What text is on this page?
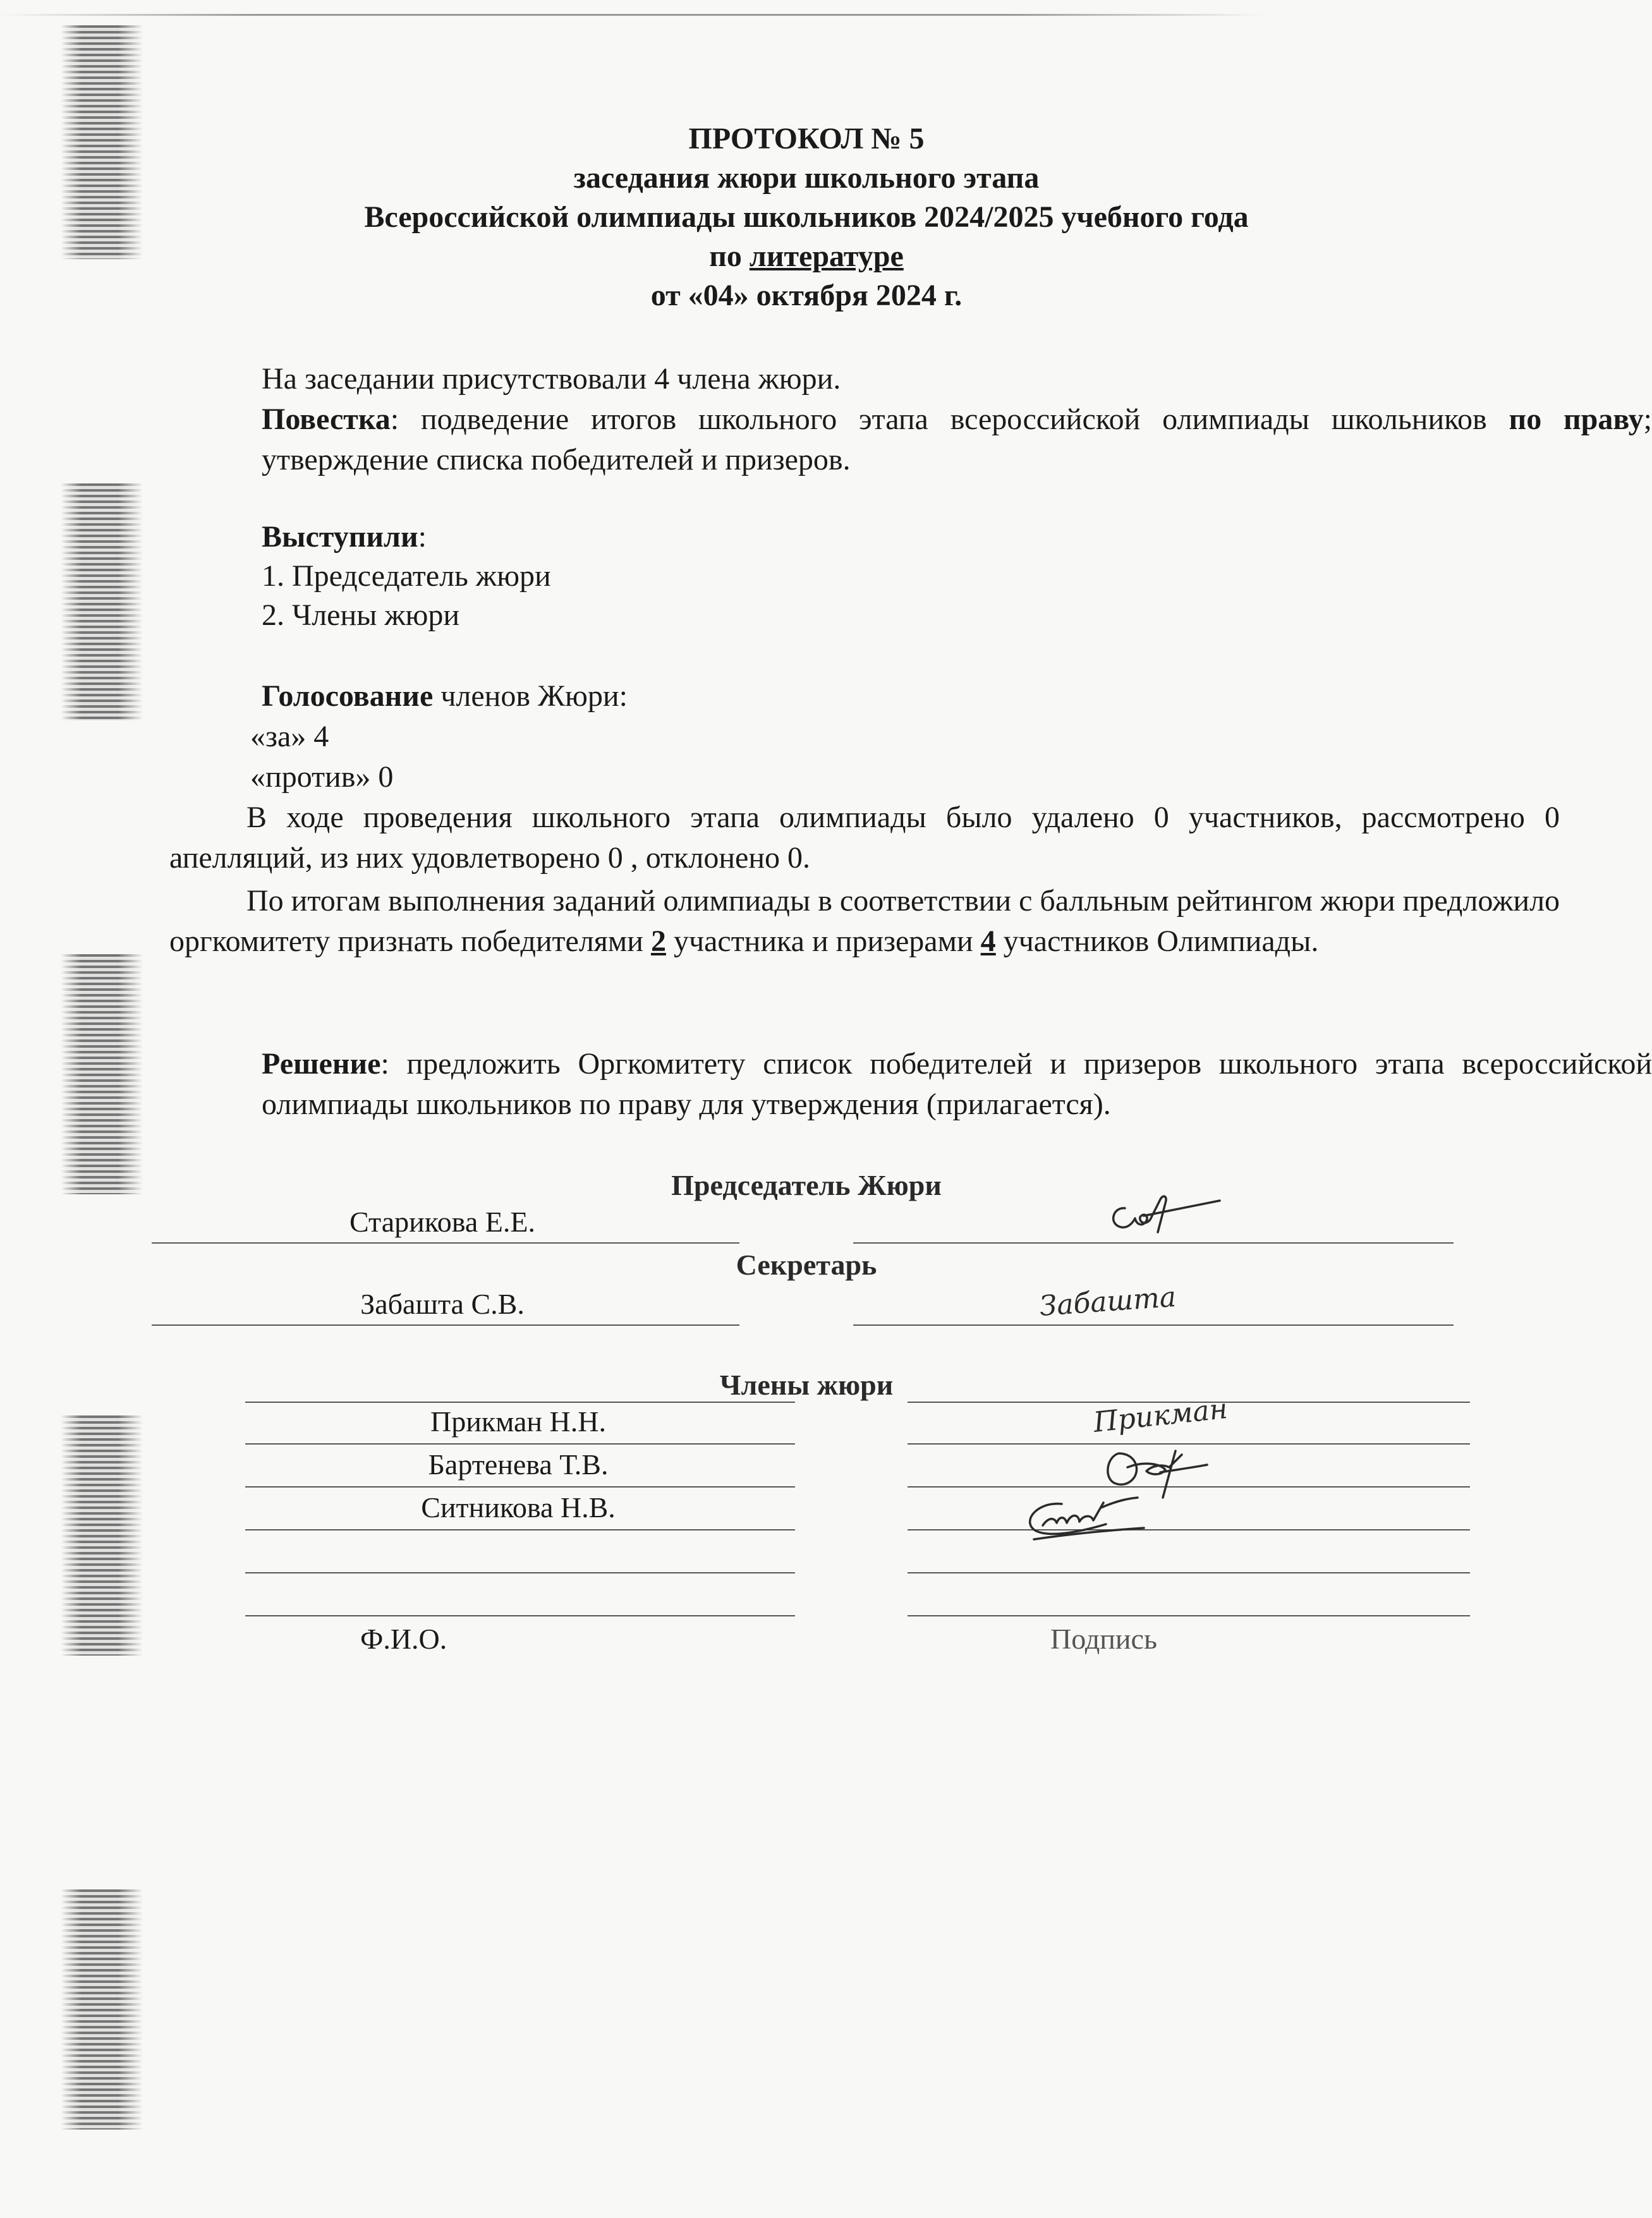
ПРОТОКОЛ № 5
заседания жюри школьного этапа
Всероссийской олимпиады школьников 2024/2025 учебного года
по литературе
от «04» октября 2024 г.
На заседании присутствовали 4 члена жюри.
Повестка: подведение итогов школьного этапа всероссийской олимпиады школьников по праву; утверждение списка победителей и призеров.
Выступили:
1. Председатель жюри
2. Члены жюри
Голосование членов Жюри:
«за» 4
«против» 0
В ходе проведения школьного этапа олимпиады было удалено 0 участников, рассмотрено 0 апелляций, из них удовлетворено 0 , отклонено 0.
По итогам выполнения заданий олимпиады в соответствии с балльным рейтингом жюри предложило оргкомитету признать победителями 2 участника и призерами 4 участников Олимпиады.
Решение: предложить Оргкомитету список победителей и призеров школьного этапа всероссийской олимпиады школьников по праву для утверждения (прилагается).
Председатель Жюри
Старикова Е.Е.
Секретарь
Забашта С.В.	Забашта
Члены жюри
Прикман Н.Н.	Прикман
Бартенева Т.В.
Ситникова Н.В.
Ф.И.О.	Подпись
